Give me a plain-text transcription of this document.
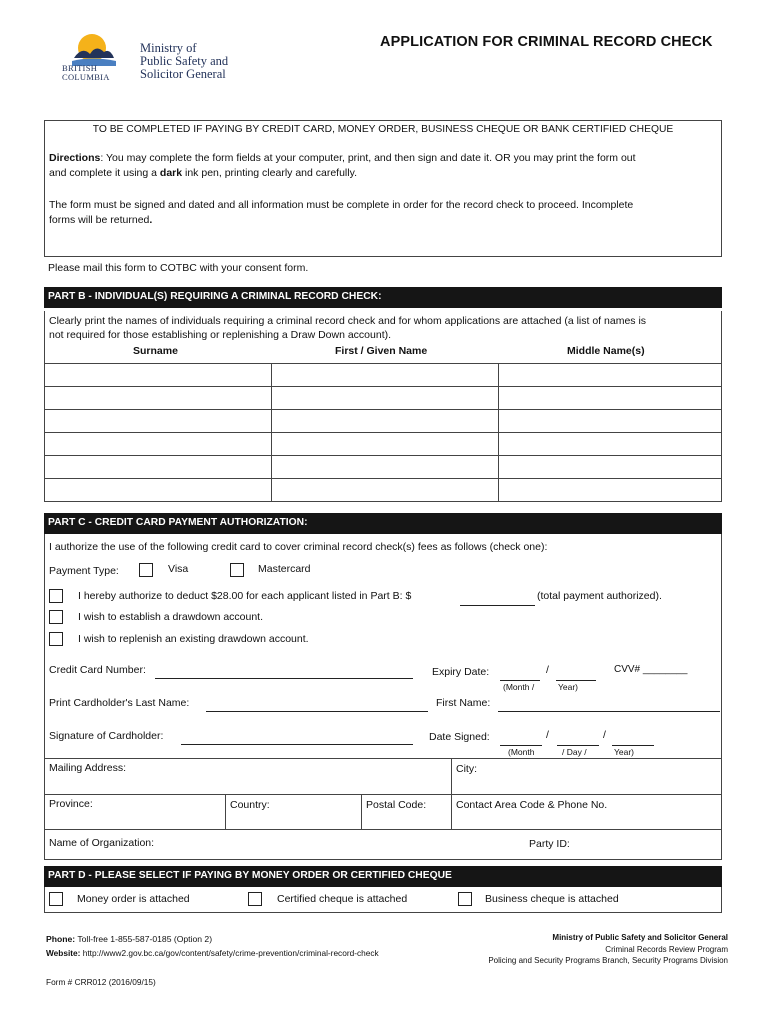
BRITISH
COLUMBIA
Ministry of
Public Safety and
Solicitor General
APPLICATION FOR CRIMINAL RECORD CHECK
TO BE COMPLETED IF PAYING BY CREDIT CARD, MONEY ORDER, BUSINESS CHEQUE OR BANK CERTIFIED CHEQUE
Directions: You may complete the form fields at your computer, print, and then sign and date it. OR you may print the form out
and complete it using a dark ink pen, printing clearly and carefully.
The form must be signed and dated and all information must be complete in order for the record check to proceed. Incomplete
forms will be returned.
Please mail this form to COTBC with your consent form.
PART B - INDIVIDUAL(S) REQUIRING A CRIMINAL RECORD CHECK:
Clearly print the names of individuals requiring a criminal record check and for whom applications are attached (a list of names is
not required for those establishing or replenishing a Draw Down account).
Surname	First / Given Name	Middle Name(s)

PART C - CREDIT CARD PAYMENT AUTHORIZATION:
I authorize the use of the following credit card to cover criminal record check(s) fees as follows (check one):
Payment Type:	Visa	Mastercard
I hereby authorize to deduct $28.00 for each applicant listed in Part B: $	(total payment authorized).
I wish to establish a drawdown account.
I wish to replenish an existing drawdown account.
Credit Card Number:	Expiry Date:	/	CVV# ________
(Month /	Year)
Print Cardholder's Last Name:	First Name:
Signature of Cardholder:	Date Signed:	/	/
(Month	/ Day /	Year)
Mailing Address:	City:
Province:	Country:	Postal Code:	Contact Area Code & Phone No.
Name of Organization:	Party ID:
PART D - PLEASE SELECT IF PAYING BY MONEY ORDER OR CERTIFIED CHEQUE
Money order is attached	Certified cheque is attached	Business cheque is attached
Phone: Toll-free 1-855-587-0185 (Option 2)
Website: http://www2.gov.bc.ca/gov/content/safety/crime-prevention/criminal-record-check
Ministry of Public Safety and Solicitor General
Criminal Records Review Program
Policing and Security Programs Branch, Security Programs Division
Form # CRR012 (2016/09/15)
